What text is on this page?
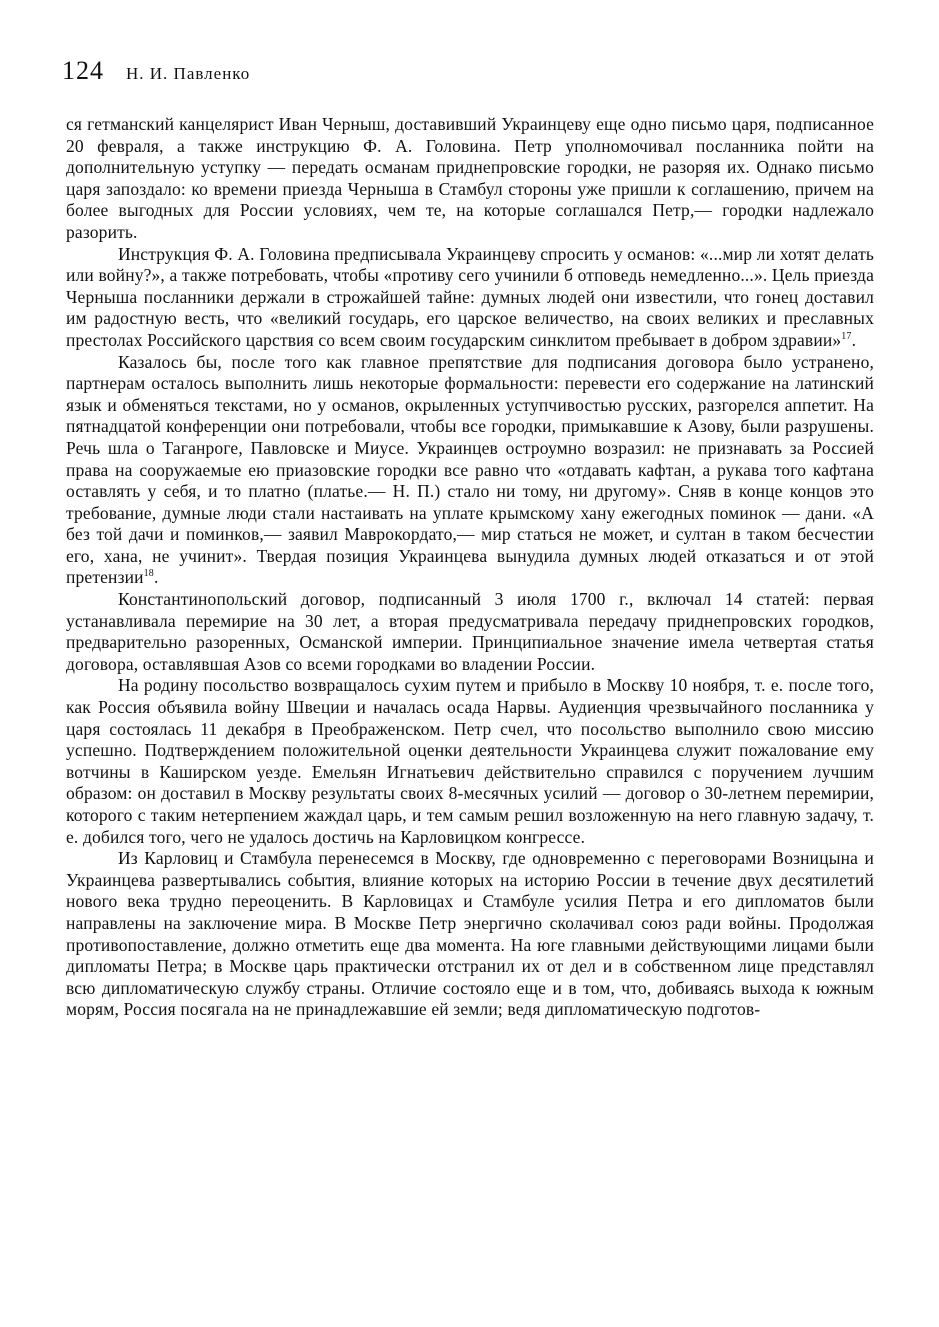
124 Н. И. Павленко

ся гетманский канцелярист Иван Черныш, доставивший Украинцеву еще одно письмо царя, подписанное 20 февраля, а также инструкцию Ф. А. Головина. Петр уполномочивал посланника пойти на дополнительную уступку — передать османам приднепровские городки, не разоряя их. Однако письмо царя запоздало: ко времени приезда Черныша в Стамбул стороны уже пришли к соглашению, причем на более выгодных для России условиях, чем те, на которые соглашался Петр,— городки надлежало разорить.

Инструкция Ф. А. Головина предписывала Украинцеву спросить у османов: «...мир ли хотят делать или войну?», а также потребовать, чтобы «противу сего учинили б отповедь немедленно...». Цель приезда Черныша посланники держали в строжайшей тайне: думных людей они известили, что гонец доставил им радостную весть, что «великий государь, его царское величество, на своих великих и преславных престолах Российского царствия со всем своим государским синклитом пребывает в добром здравии»$^{17}$.

Казалось бы, после того как главное препятствие для подписания договора было устранено, партнерам осталось выполнить лишь некоторые формальности: перевести его содержание на латинский язык и обменяться текстами, но у османов, окрыленных уступчивостью русских, разгорелся аппетит. На пятнадцатой конференции они потребовали, чтобы все городки, примыкавшие к Азову, были разрушены. Речь шла о Таганроге, Павловске и Миусе. Украинцев остроумно возразил: не признавать за Россией права на сооружаемые ею приазовские городки все равно что «отдавать кафтан, а рукава того кафтана оставлять у себя, и то платно (платье.— Н. П.) стало ни тому, ни другому». Сняв в конце концов это требование, думные люди стали настаивать на уплате крымскому хану ежегодных поминок — дани. «А без той дачи и поминков,— заявил Маврокордато,— мир статься не может, и султан в таком бесчестии его, хана, не учинит». Твердая позиция Украинцева вынудила думных людей отказаться и от этой претензии$^{18}$.

Константинопольский договор, подписанный 3 июля 1700 г., включал 14 статей: первая устанавливала перемирие на 30 лет, а вторая предусматривала передачу приднепровских городков, предварительно разоренных, Османской империи. Принципиальное значение имела четвертая статья договора, оставлявшая Азов со всеми городками во владении России.

На родину посольство возвращалось сухим путем и прибыло в Москву 10 ноября, т. е. после того, как Россия объявила войну Швеции и началась осада Нарвы. Аудиенция чрезвычайного посланника у царя состоялась 11 декабря в Преображенском. Петр счел, что посольство выполнило свою миссию успешно. Подтверждением положительной оценки деятельности Украинцева служит пожалование ему вотчины в Каширском уезде. Емельян Игнатьевич действительно справился с поручением лучшим образом: он доставил в Москву результаты своих 8-месячных усилий — договор о 30-летнем перемирии, которого с таким нетерпением жаждал царь, и тем самым решил возложенную на него главную задачу, т. е. добился того, чего не удалось достичь на Карловицком конгрессе.

Из Карловиц и Стамбула перенесемся в Москву, где одновременно с переговорами Возницына и Украинцева развертывались события, влияние которых на историю России в течение двух десятилетий нового века трудно переоценить. В Карловицах и Стамбуле усилия Петра и его дипломатов были направлены на заключение мира. В Москве Петр энергично сколачивал союз ради войны. Продолжая противопоставление, должно отметить еще два момента. На юге главными действующими лицами были дипломаты Петра; в Москве царь практически отстранил их от дел и в собственном лице представлял всю дипломатическую службу страны. Отличие состояло еще и в том, что, добиваясь выхода к южным морям, Россия посягала на не принадлежавшие ей земли; ведя дипломатическую подготов-
